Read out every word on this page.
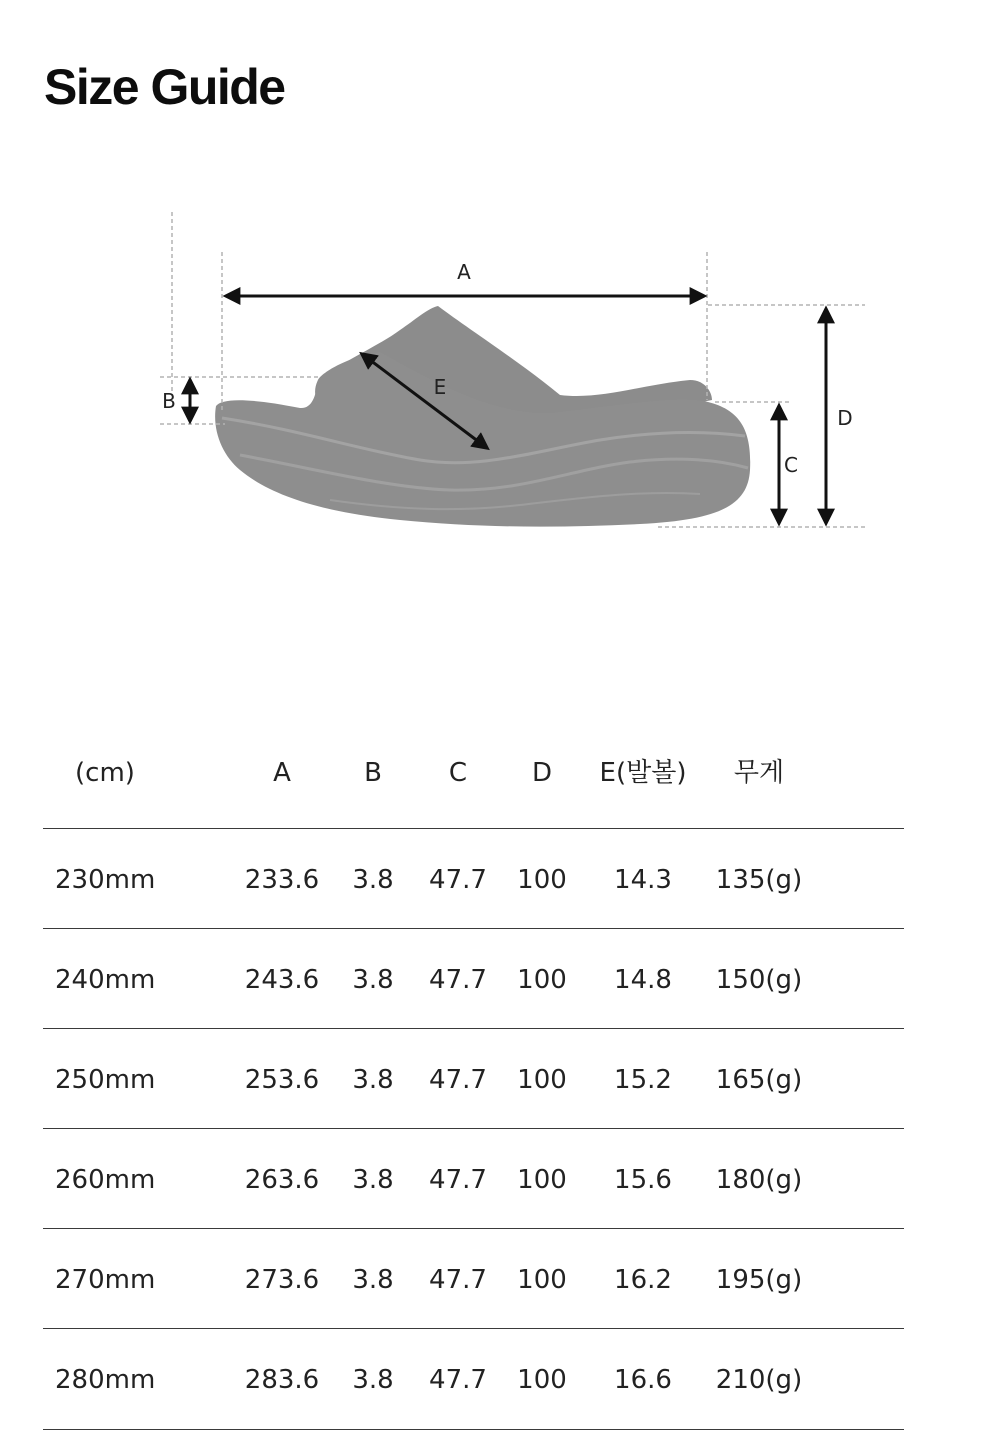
Size Guide
A
B
E
C
D
(cm)	A	B	C D E(발볼) 무게
230mm	233.6 3.8 47.7 100 14.3 135(g)
240mm	243.6 3.8 47.7 100 14.8 150(g)
250mm	253.6 3.8 47.7 100 15.2 165(g)
260mm	263.6 3.8 47.7 100 15.6 180(g)
270mm	273.6 3.8 47.7 100 16.2 195(g)
280mm	283.6 3.8 47.7 100 16.6 210(g)
